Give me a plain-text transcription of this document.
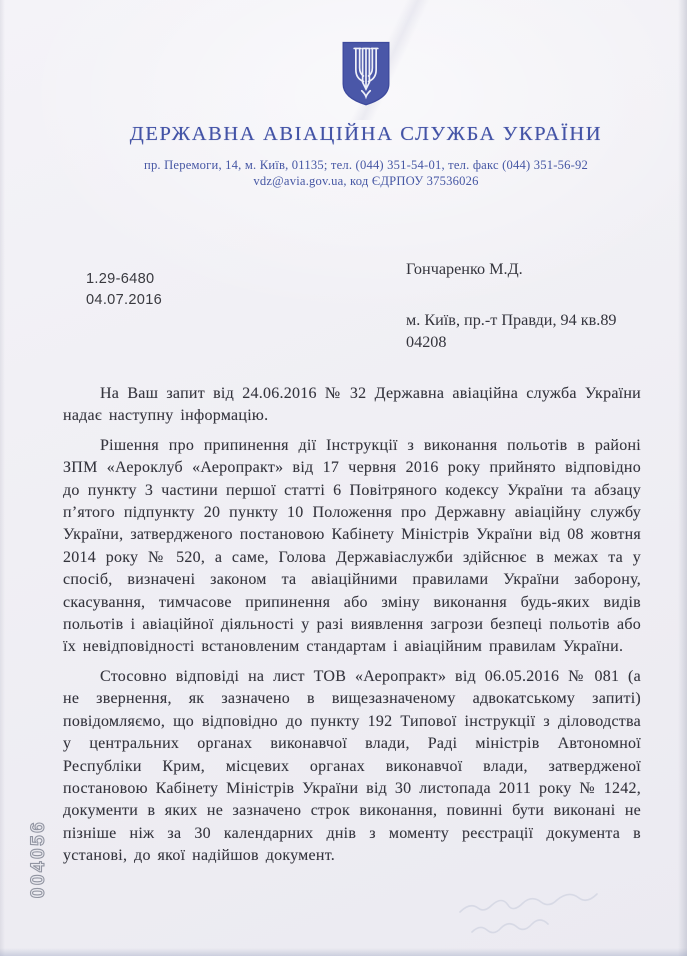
ДЕРЖАВНА АВІАЦІЙНА СЛУЖБА УКРАЇНИ
пр. Перемоги, 14, м. Київ, 01135; тел. (044) 351-54-01, тел. факс (044) 351-56-92
vdz@avia.gov.ua, код ЄДРПОУ 37536026
1.29-6480
04.07.2016
Гончаренко М.Д.
м. Київ, пр.-т Правди, 94 кв.89
04208

На Ваш запит від 24.06.2016 № 32 Державна авіаційна служба України надає наступну інформацію.

Рішення про припинення дії Інструкції з виконання польотів в районі ЗПМ «Аероклуб «Аеропракт» від 17 червня 2016 року прийнято відповідно до пункту 3 частини першої статті 6 Повітряного кодексу України та абзацу п’ятого підпункту 20 пункту 10 Положення про Державну авіаційну службу України, затвердженого постановою Кабінету Міністрів України від 08 жовтня 2014 року № 520, а саме, Голова Державіаслужби здійснює в межах та у спосіб, визначені законом та авіаційними правилами України заборону, скасування, тимчасове припинення або зміну виконання будь-яких видів польотів і авіаційної діяльності у разі виявлення загрози безпеці польотів або їх невідповідності встановленим стандартам і авіаційним правилам України.

Стосовно відповіді на лист ТОВ «Аеропракт» від 06.05.2016 № 081 (а не звернення, як зазначено в вищезазначеному адвокатському запиті) повідомляємо, що відповідно до пункту 192 Типової інструкції з діловодства у центральних органах виконавчої влади, Раді міністрів Автономної Республіки Крим, місцевих органах виконавчої влади, затвердженої постановою Кабінету Міністрів України від 30 листопада 2011 року № 1242, документи в яких не зазначено строк виконання, повинні бути виконані не пізніше ніж за 30 календарних днів з моменту реєстрації документа в установі, до якої надійшов документ.

004056
